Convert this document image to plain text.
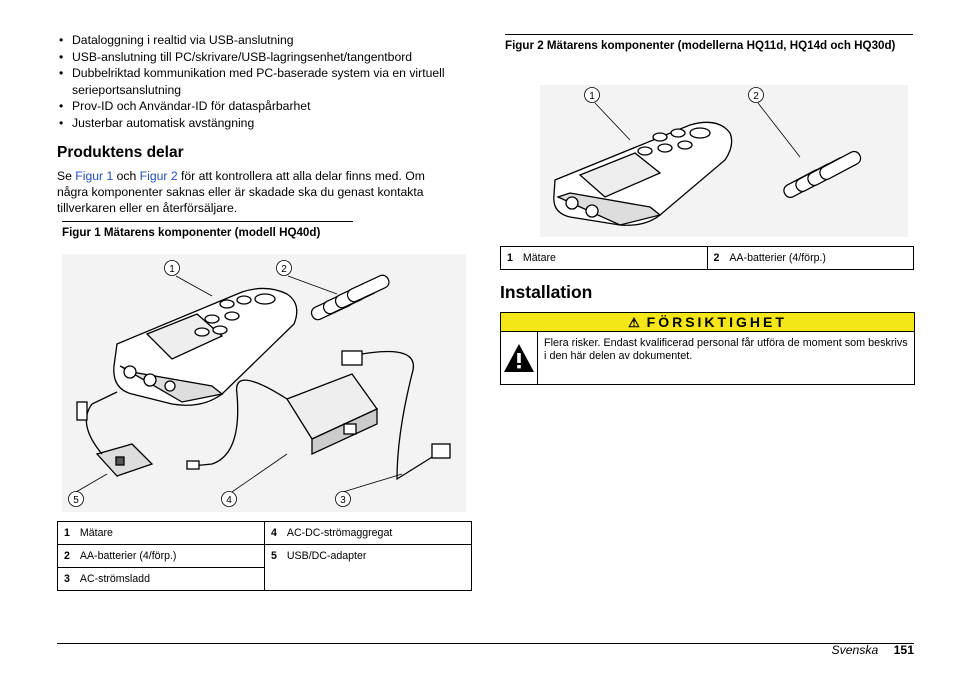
• Dataloggning i realtid via USB-anslutning
• USB-anslutning till PC/skrivare/USB-lagringsenhet/tangentbord
• Dubbelriktad kommunikation med PC-baserade system via en virtuell serieportsanslutning
• Prov-ID och Användar-ID för dataspårbarhet
• Justerbar automatisk avstängning
Produktens delar

Se Figur 1 och Figur 2 för att kontrollera att alla delar finns med. Om några komponenter saknas eller är skadade ska du genast kontakta tillverkaren eller en återförsäljare.

Figur 1 Mätarens komponenter (modell HQ40d)
1	2
3
4
5
1 Mätare	4 AC-DC-strömaggregat
2 AA-batterier (4/förp.)	5 USB/DC-adapter
3 AC-strömsladd	
Figur 2 Mätarens komponenter (modellerna HQ11d, HQ14d och HQ30d)
1	2
1 Mätare	2 AA-batterier (4/förp.)
Installation
⚠ FÖRSIKTIGHET
Flera risker. Endast kvalificerad personal får utföra de moment som beskrivs i den här delen av dokumentet.
Svenska 151
